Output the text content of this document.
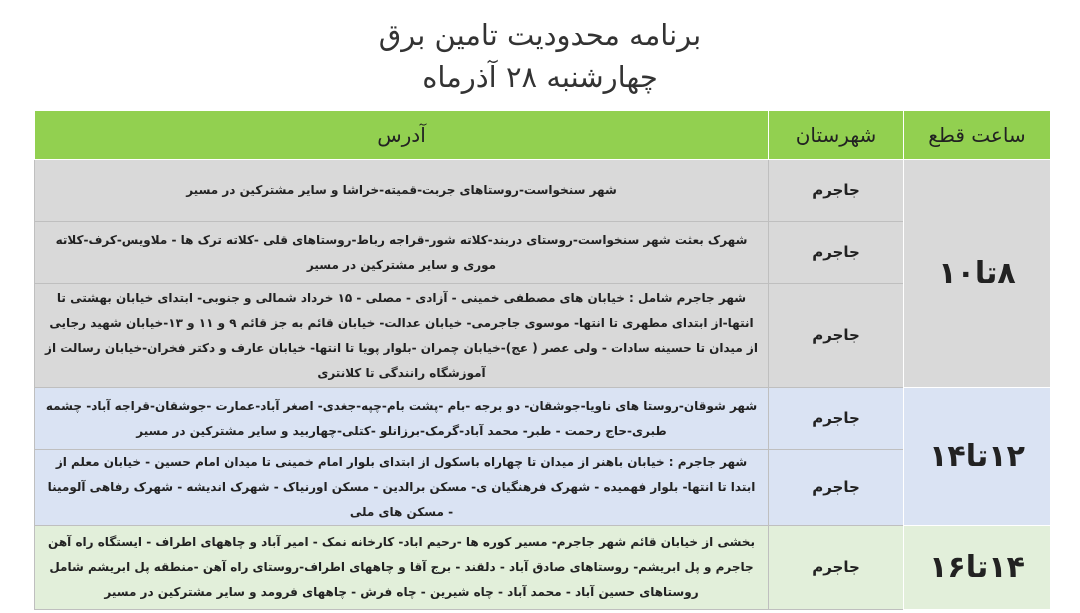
برنامه محدودیت تامین برق
چهارشنبه ۲۸ آذرماه
ساعت قطع	شهرستان	آدرس
۸تا۱۰	جاجرم	شهر سنخواست-روستاهای جربت-قمیته-خراشا و سایر مشترکین در مسیر
	جاجرم	شهرک بعثت شهر سنخواست-روستای دربند-کلاته شور-قراجه رباط-روستاهای قلی -کلاته ترک ها - ملاویس-کرف-کلاته موری و سایر مشترکین در مسیر
	جاجرم	شهر جاجرم شامل : خیابان های مصطفی خمینی - آزادی - مصلی - ۱۵ خرداد شمالی و جنوبی- ابتدای خیابان بهشتی تا انتها-از ابتدای مطهری تا انتها- موسوی جاجرمی- خیابان عدالت- خیابان قائم به جز قائم ۹ و ۱۱ و ۱۳-خیابان شهید رجایی از میدان تا حسینه سادات - ولی عصر ( عج)-خیابان چمران -بلوار پویا تا انتها- خیابان عارف و دکتر فخران-خیابان رسالت از آموزشگاه رانندگی تا کلانتری
۱۲تا۱۴	جاجرم	شهر شوقان-روستا های ناویا-جوشقان- دو برجه -بام -پشت بام-چپه-جغدی- اصغر آباد-عمارت -جوشقان-قراجه آباد- چشمه طبری-حاج رحمت - طبر- محمد آباد-گرمک-برزانلو -کتلی-چهاربید و سایر مشترکین در مسیر
	جاجرم	شهر جاجرم : خیابان باهنر از میدان تا چهاراه باسکول از ابتدای بلوار امام خمینی تا میدان امام حسین - خیابان معلم از ابتدا تا انتها- بلوار فهمیده - شهرک فرهنگیان ی- مسکن برالدین - مسکن اورنیاک - شهرک اندیشه - شهرک رفاهی آلومینا - مسکن های ملی
۱۴تا۱۶	جاجرم	بخشی از خیابان قائم شهر جاجرم- مسیر کوره ها -رحیم اباد- کارخانه نمک - امیر آباد و چاههای اطراف - ایستگاه راه آهن جاجرم و پل ابریشم- روستاهای صادق آباد - دلقند - برج آقا و چاههای اطراف-روستای راه آهن -منطقه پل ابریشم شامل روستاهای حسین آباد - محمد آباد - چاه شیرین - چاه فرش - چاههای فرومد و سایر مشترکین در مسیر
